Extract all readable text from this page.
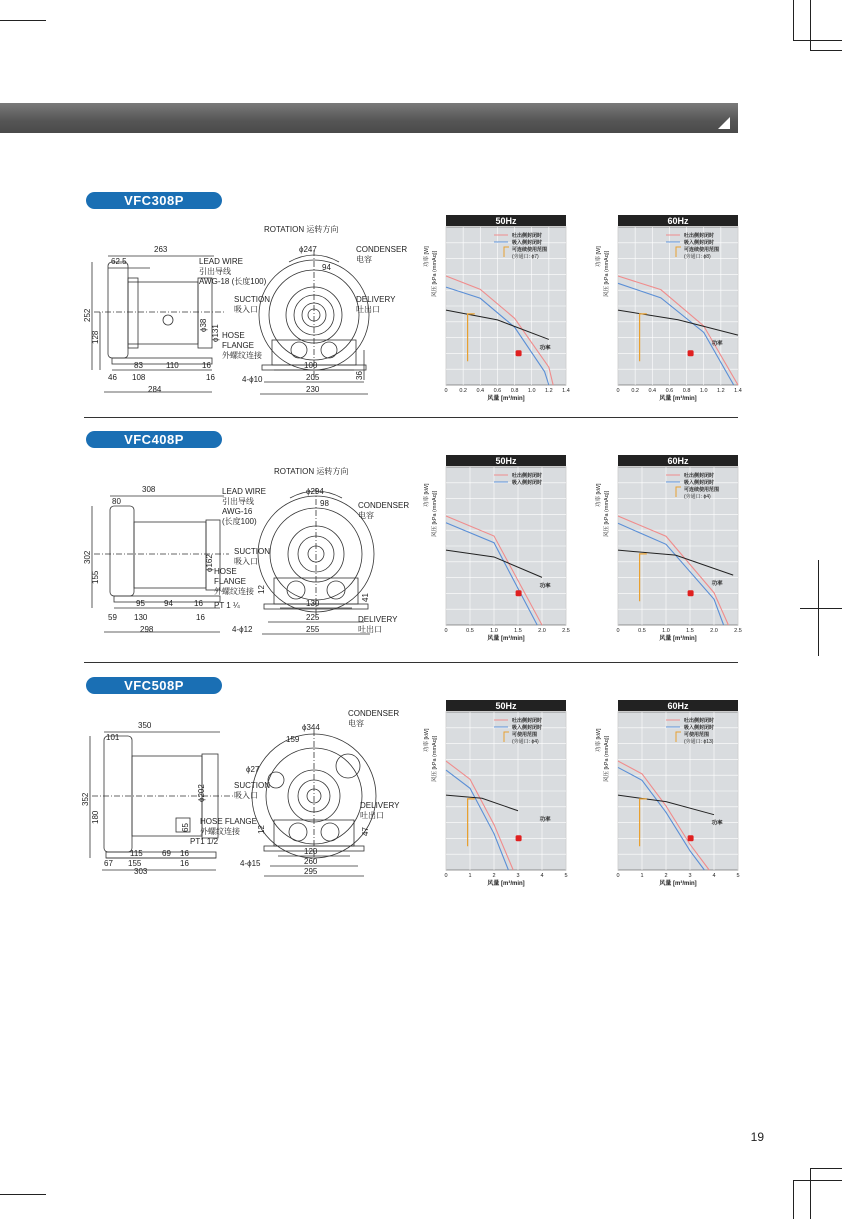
VFC308P
VFC408P
VFC508P
ROTATION 运转方向
ϕ247	CONDENSER
电容
94
LEAD WIRE
引出导线
AWG-18 (长度100)
SUCTION
吸入口
DELIVERY
吐出口
HOSE
FLANGE
外螺纹连接
263
62.5
252
128
ϕ38 ϕ131
83	110	16
46 108	16
284
100
205
230
36
4-ϕ10
ROTATION 运转方向
ϕ294
98	CONDENSER
电容
LEAD WIRE
引出导线
AWG-16
(长度100)
SUCTION
吸入口
HOSE
FLANGE
外螺纹连接
PT 1 ¼
DELIVERY
吐出口
308
80
302
155
ϕ162
95 94	16
59 130	16
298
130
225
255
41
12
4-ϕ12
CONDENSER
电容
ϕ344
159
ϕ27
SUCTION
吸入口
DELIVERY
吐出口
HOSE FLANGE
外螺纹连接
PT1 1/2
350
101
352
180
ϕ202
65
115 69 16
67 155	16
303
120
260
295
47
12
4-ϕ15
50Hz
0 0.2 0.4 0.6 0.8 1.0 1.2 1.4
风量 [m³/min]
风压 [kPa (mmAq)]
功率 [W]
功率
吐出侧封闭时
吸入侧封闭时
可连续使用范围
(旁通口: ϕ7)
60Hz
0 0.2 0.4 0.6 0.8 1.0 1.2 1.4
风量 [m³/min]
风压 [kPa (mmAq)]
功率 [W]
功率
吐出侧封闭时
吸入侧封闭时
可连续使用范围
(旁通口: ϕ8)
50Hz
0	0.5	1.0	1.5	2.0	2.5
风量 [m³/min]
风压 [kPa (mmAq)]
功率 [kW]
功率
吐出侧封闭时
吸入侧封闭时
60Hz
0	0.5	1.0	1.5	2.0	2.5
风量 [m³/min]
风压 [kPa (mmAq)]
功率 [kW]
功率
吐出侧封闭时
吸入侧封闭时
可连续使用范围
(旁通口: ϕ4)
50Hz
0	1	2	3	4	5
风量 [m³/min]
风压 [kPa (mmAq)]
功率 [kW]
功率
吐出侧封闭时
吸入侧封闭时
可使用范围
(旁通口: ϕ4)
60Hz
0	1	2	3	4	5
风量 [m³/min]
风压 [kPa (mmAq)]
功率 [kW]
功率
吐出侧封闭时
吸入侧封闭时
可使用范围
(旁通口: ϕ13)
19
